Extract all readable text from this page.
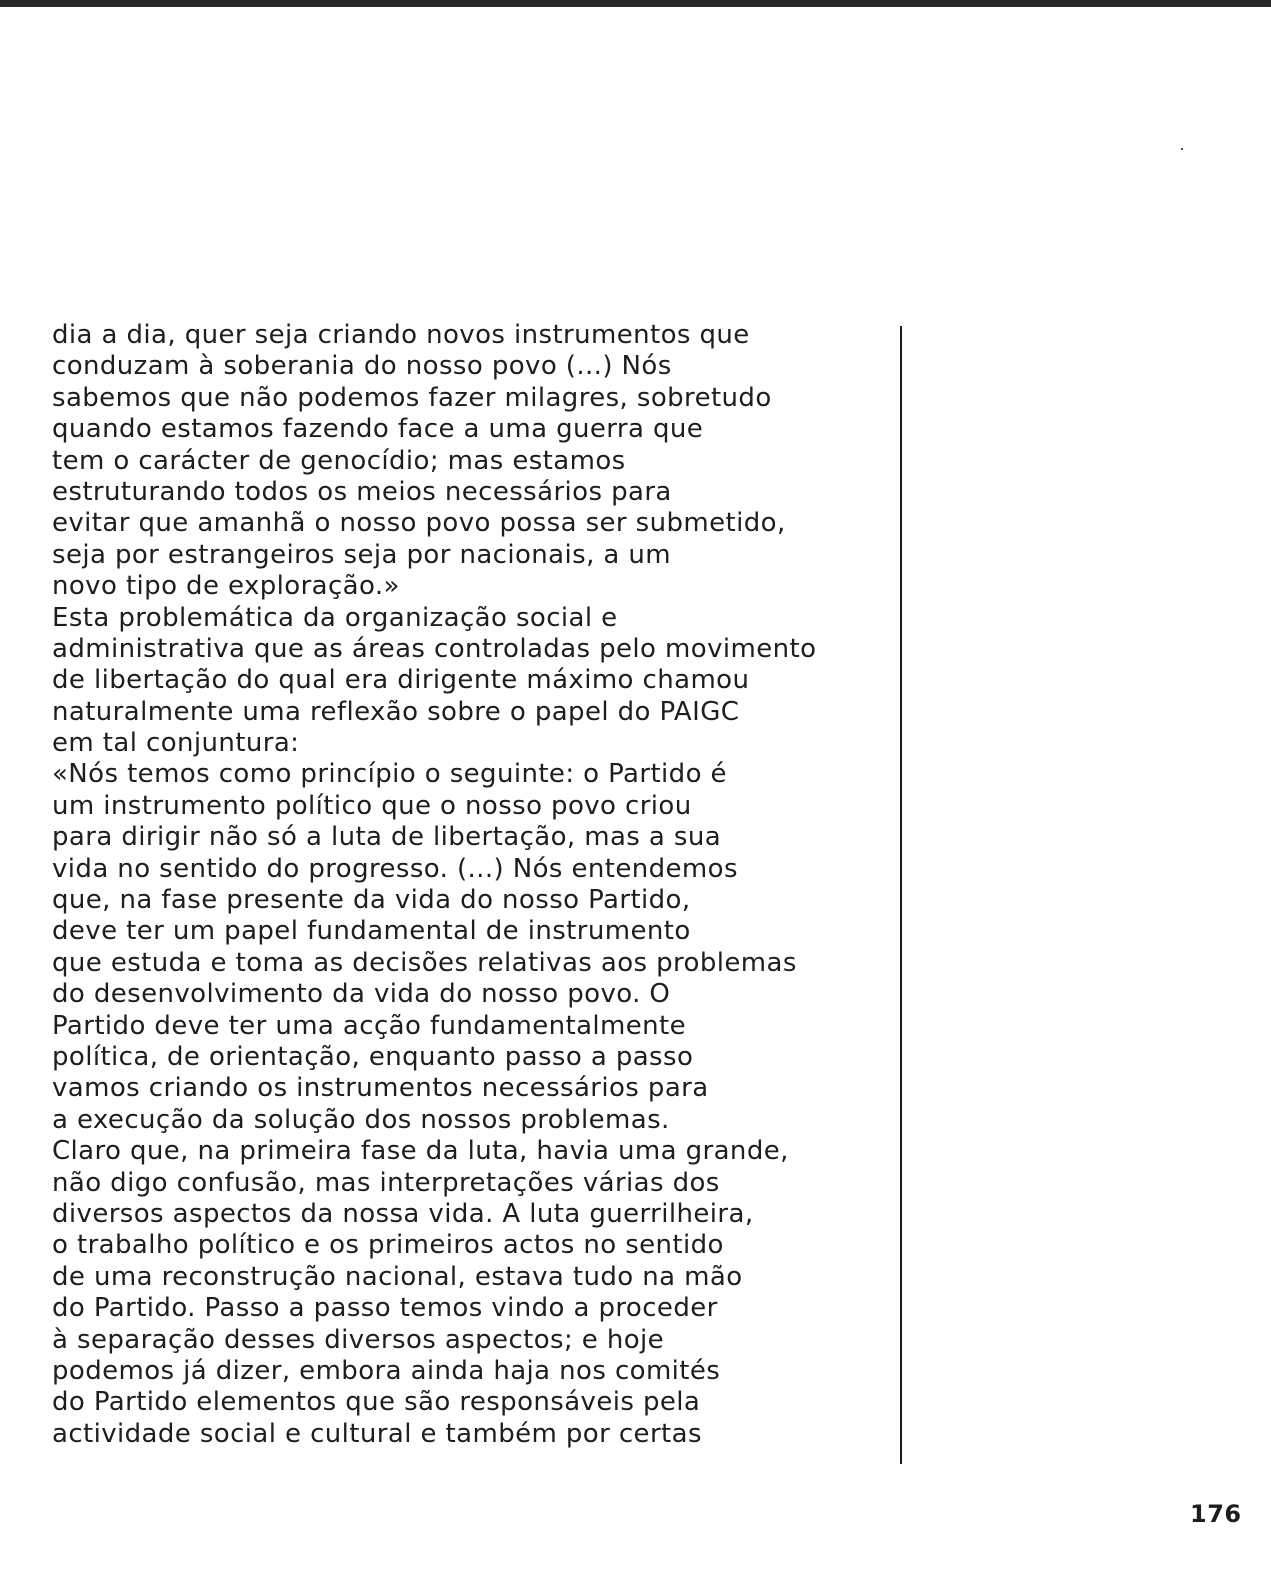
dia a dia, quer seja criando novos instrumentos que
conduzam à soberania do nosso povo (...) Nós
sabemos que não podemos fazer milagres, sobretudo
quando estamos fazendo face a uma guerra que
tem o carácter de genocídio; mas estamos
estruturando todos os meios necessários para
evitar que amanhã o nosso povo possa ser submetido,
seja por estrangeiros seja por nacionais, a um
novo tipo de exploração.»
Esta problemática da organização social e
administrativa que as áreas controladas pelo movimento
de libertação do qual era dirigente máximo chamou
naturalmente uma reflexão sobre o papel do PAIGC
em tal conjuntura:
«Nós temos como princípio o seguinte: o Partido é
um instrumento político que o nosso povo criou
para dirigir não só a luta de libertação, mas a sua
vida no sentido do progresso. (...) Nós entendemos
que, na fase presente da vida do nosso Partido,
deve ter um papel fundamental de instrumento
que estuda e toma as decisões relativas aos problemas
do desenvolvimento da vida do nosso povo. O
Partido deve ter uma acção fundamentalmente
política, de orientação, enquanto passo a passo
vamos criando os instrumentos necessários para
a execução da solução dos nossos problemas.
Claro que, na primeira fase da luta, havia uma grande,
não digo confusão, mas interpretações várias dos
diversos aspectos da nossa vida. A luta guerrilheira,
o trabalho político e os primeiros actos no sentido
de uma reconstrução nacional, estava tudo na mão
do Partido. Passo a passo temos vindo a proceder
à separação desses diversos aspectos; e hoje
podemos já dizer, embora ainda haja nos comités
do Partido elementos que são responsáveis pela
actividade social e cultural e também por certas
176
